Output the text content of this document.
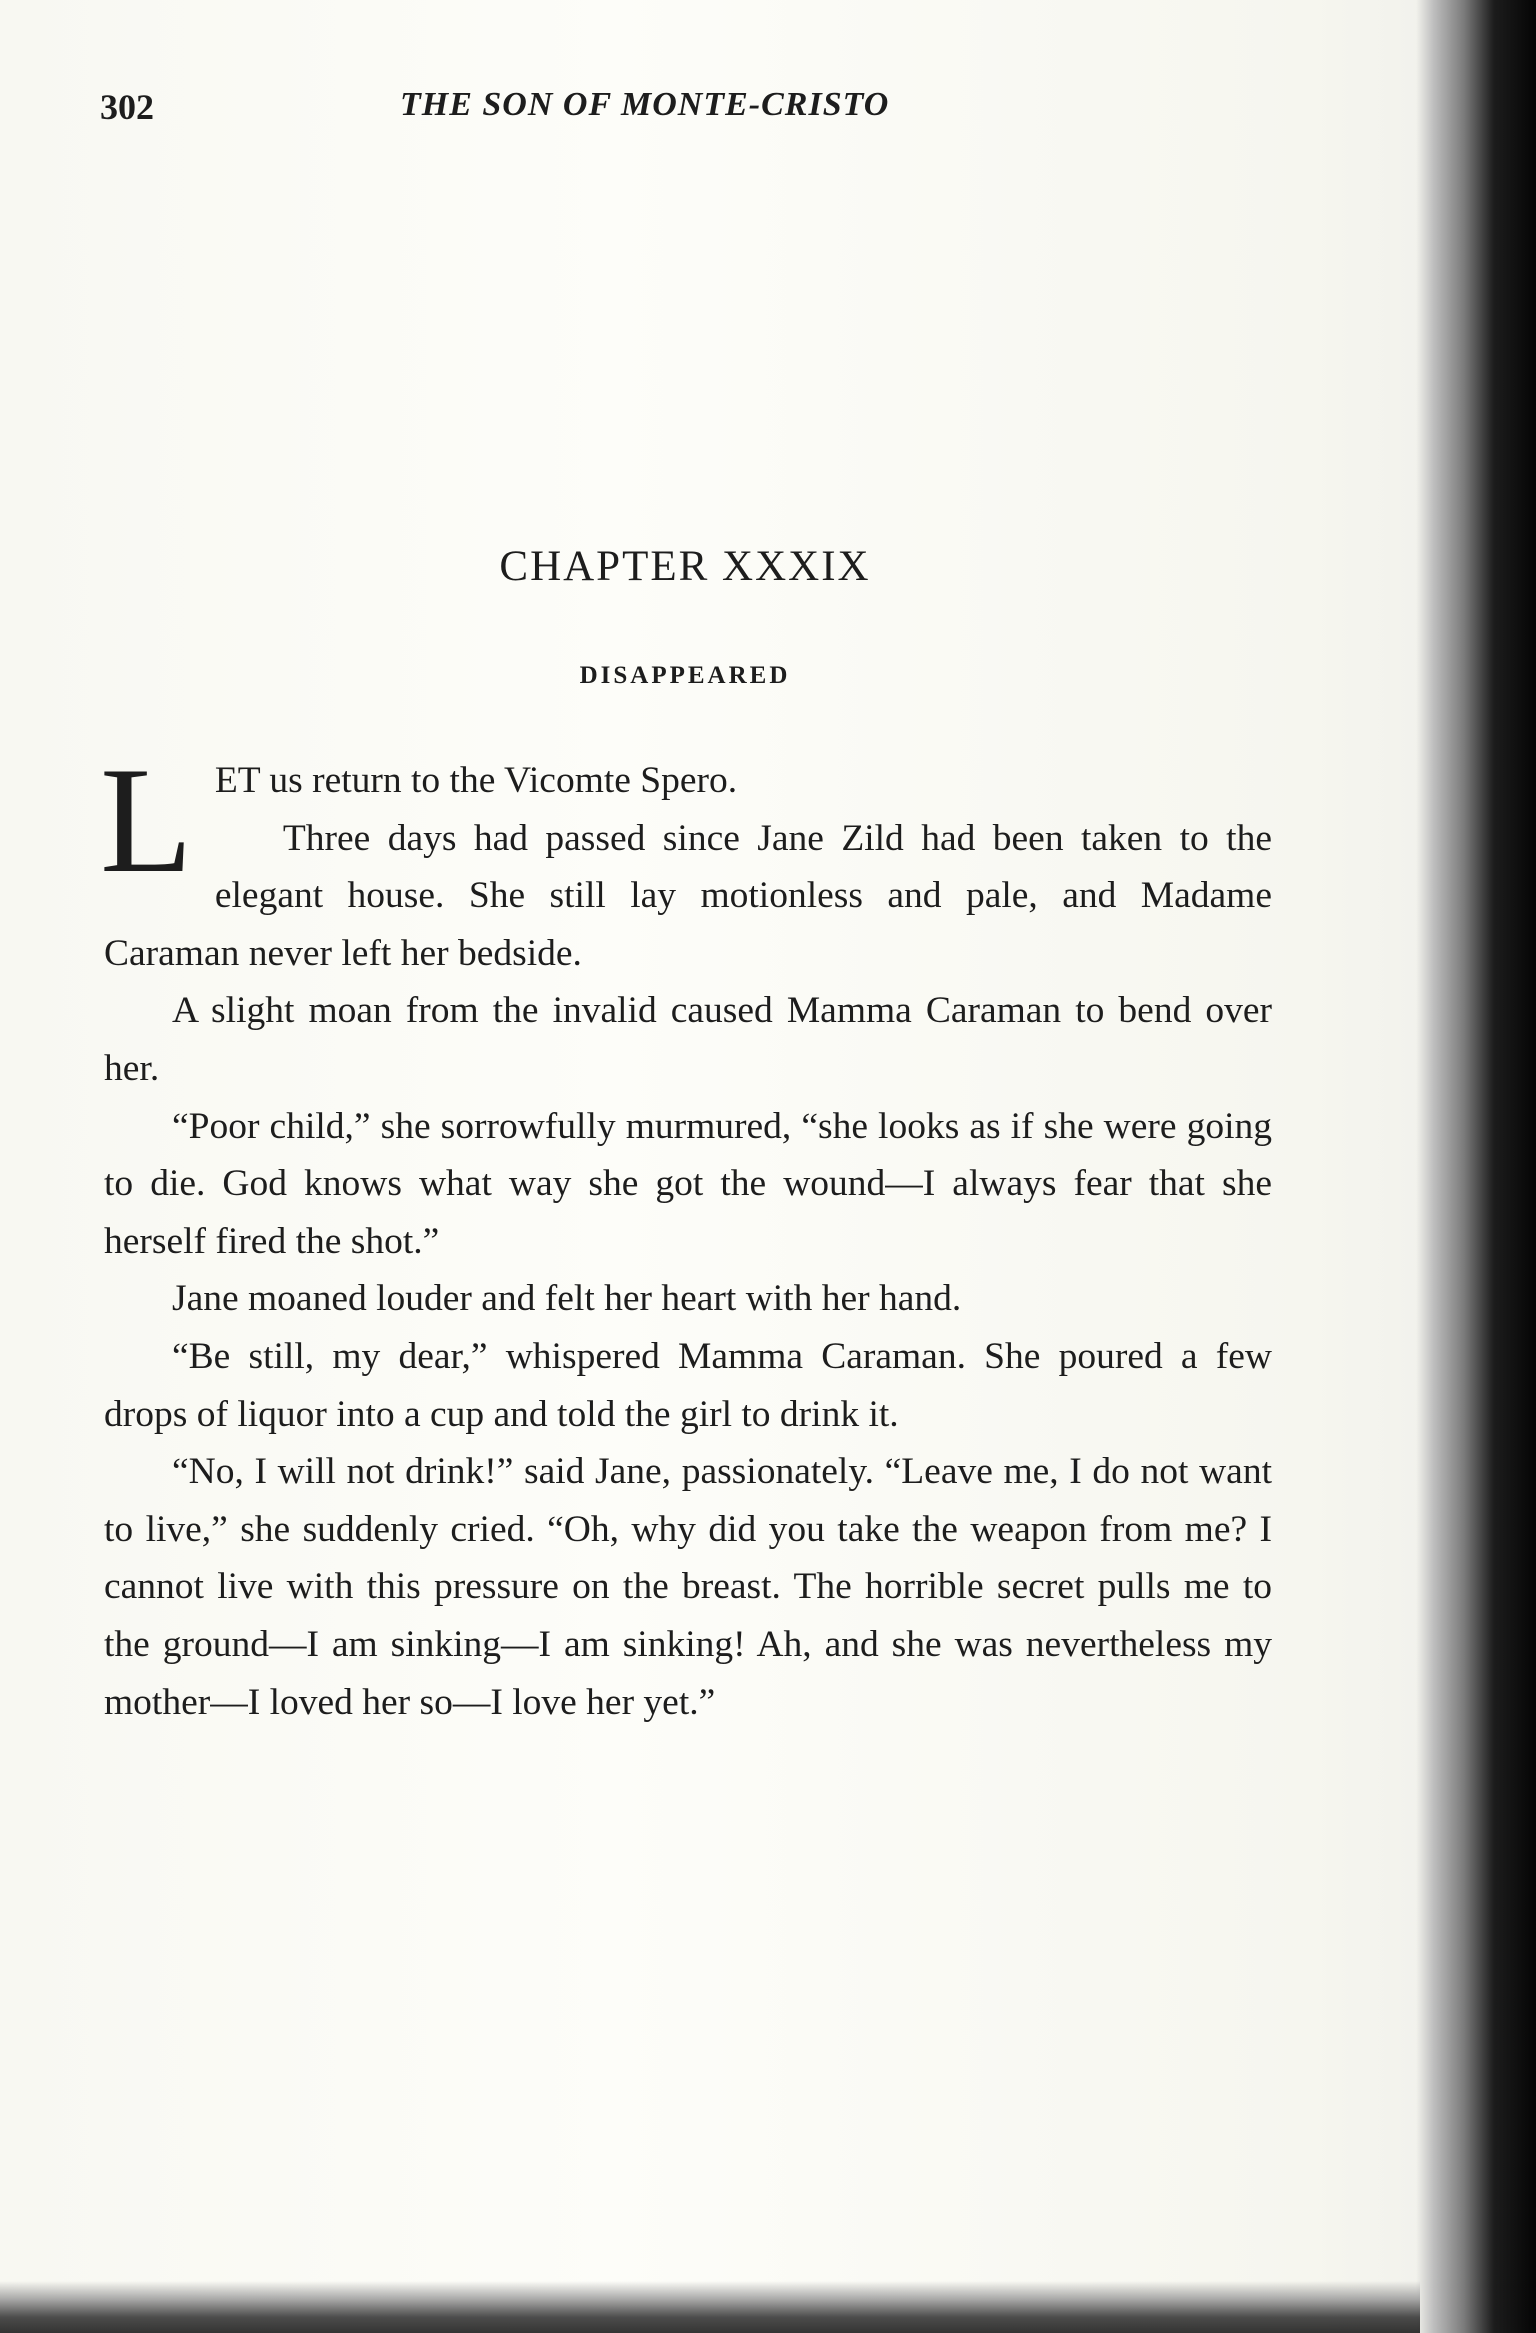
302	THE SON OF MONTE-CRISTO
CHAPTER XXXIX
DISAPPEARED

LET us return to the Vicomte Spero.

Three days had passed since Jane Zild had been taken to the elegant house. She still lay motionless and pale, and Madame Caraman never left her bedside.

A slight moan from the invalid caused Mamma Caraman to bend over her.

“Poor child,” she sorrowfully murmured, “she looks as if she were going to die. God knows what way she got the wound—I always fear that she herself fired the shot.”

Jane moaned louder and felt her heart with her hand.

“Be still, my dear,” whispered Mamma Caraman. She poured a few drops of liquor into a cup and told the girl to drink it.

“No, I will not drink!” said Jane, passionately. “Leave me, I do not want to live,” she suddenly cried. “Oh, why did you take the weapon from me? I cannot live with this pressure on the breast. The horrible secret pulls me to the ground—I am sinking—I am sinking! Ah, and she was nevertheless my mother—I loved her so—I love her yet.”
